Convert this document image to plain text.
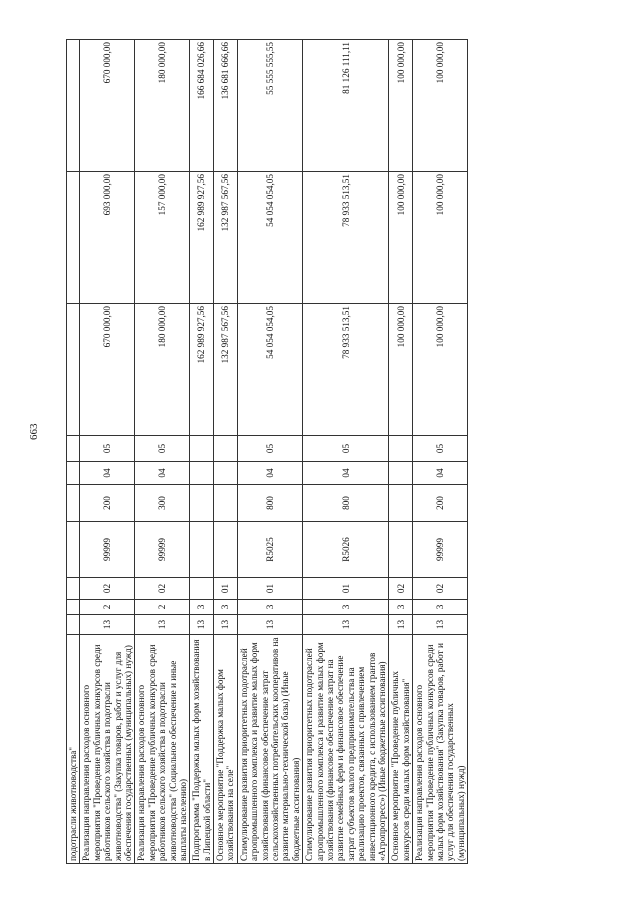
663
подотрасли животноводства"										
Реализация направления расходов основного мероприятия "Проведение публичных конкурсов среди работников сельского хозяйства в подотрасли животноводства" (Закупка товаров, работ и услуг для обеспечения государственных (муниципальных) нужд)	13	2	02	99999	200	04	05	670 000,00	693 000,00	670 000,00
Реализация направления расходов основного мероприятия "Проведение публичных конкурсов среди работников сельского хозяйства в подотрасли животноводства" (Социальное обеспечение и иные выплаты населению)	13	2	02	99999	300	04	05	180 000,00	157 000,00	180 000,00
Подпрограмма "Поддержка малых форм хозяйствования в Липецкой области"	13	3						162 989 927,56	162 989 927,56	166 684 026,66
Основное мероприятие "Поддержка малых форм хозяйствования на селе"	13	3	01					132 987 567,56	132 987 567,56	136 681 666,66
Стимулирование развития приоритетных подотраслей агропромышленного комплекса и развитие малых форм хозяйствования (финансовое обеспечение затрат сельскохозяйственных потребительских кооперативов на развитие материально-технической базы) (Иные бюджетные ассигнования)	13	3	01	R5025	800	04	05	54 054 054,05	54 054 054,05	55 555 555,55
Стимулирование развития приоритетных подотраслей агропромышленного комплекса и развитие малых форм хозяйствования (финансовое обеспечение затрат на развитие семейных ферм и финансовое обеспечение затрат субъектов малого предпринимательства на реализацию проектов, связанных с привлечением инвестиционного кредита, с использованием грантов «Агропрогресс») (Иные бюджетные ассигнования)	13	3	01	R5026	800	04	05	78 933 513,51	78 933 513,51	81 126 111,11
Основное мероприятие "Проведение публичных конкурсов среди малых форм хозяйствования"	13	3	02					100 000,00	100 000,00	100 000,00
Реализация направления расходов основного мероприятия "Проведение публичных конкурсов среди малых форм хозяйствования" (Закупка товаров, работ и услуг для обеспечения государственных (муниципальных) нужд)	13	3	02	99999	200	04	05	100 000,00	100 000,00	100 000,00
